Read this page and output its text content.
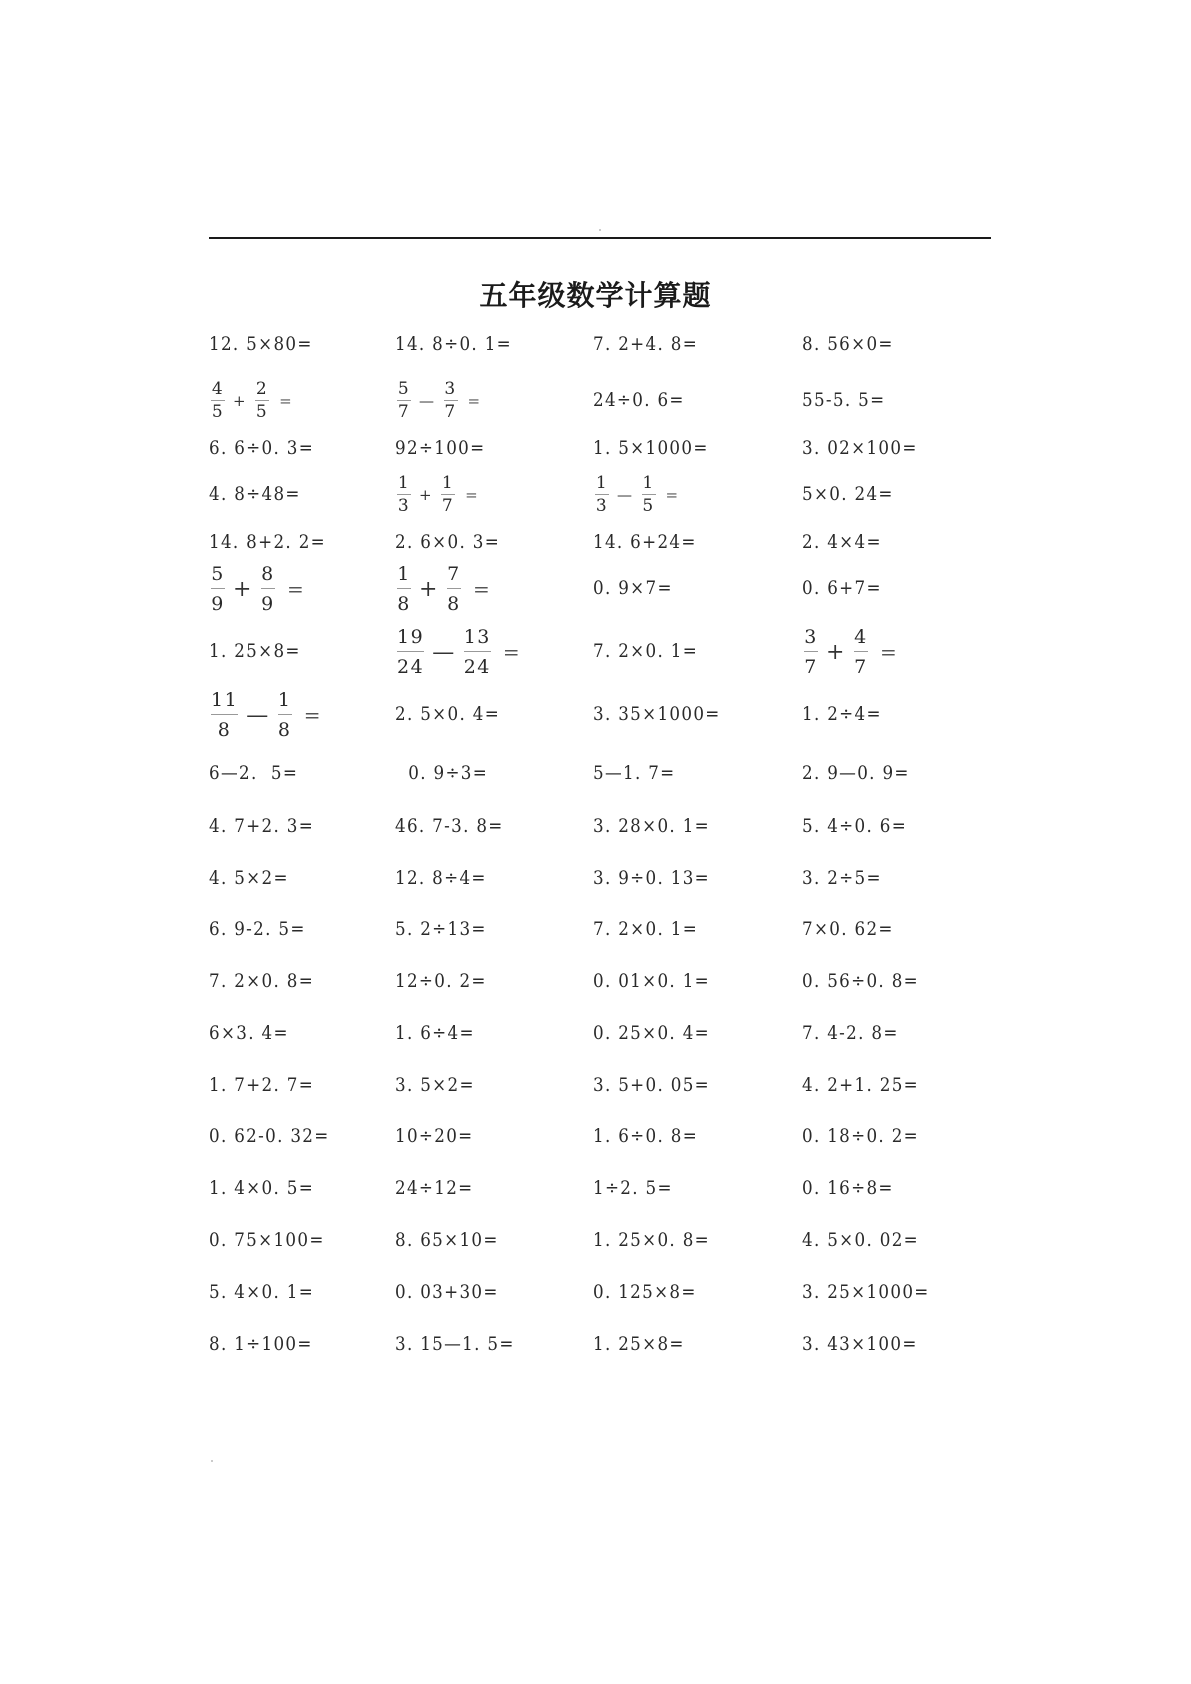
五年级数学计算题
12. 5×80=	14. 8÷0. 1=	7. 2+4. 8=	8. 56×0=
$\frac{4}{5} + \frac{2}{5}$ =	$\frac{5}{7}$ — $\frac{3}{7}$ =	24÷0. 6=	55-5. 5=
6. 6÷0. 3=	92÷100=	1. 5×1000=	3. 02×100=
4. 8÷48=	$\frac{1}{3} + \frac{1}{7}$ =	$\frac{1}{3}$ — $\frac{1}{5}$ =	5×0. 24=
14. 8+2. 2=	2. 6×0. 3=	14. 6+24=	2. 4×4=
$\frac{5}{9} + \frac{8}{9}$ =	$\frac{1}{8} + \frac{7}{8}$ =	0. 9×7=	0. 6+7=
1. 25×8=	$\frac{19}{24}$ — $\frac{13}{24}$ =	7. 2×0. 1=	$\frac{3}{7} + \frac{4}{7}$ =
$\frac{11}{8}$ — $\frac{1}{8}$ =	2. 5×0. 4=	3. 35×1000=	1. 2÷4=
6—2.  5=	0. 9÷3=	5—1. 7=	2. 9—0. 9=
4. 7+2. 3=	46. 7-3. 8=	3. 28×0. 1=	5. 4÷0. 6=
4. 5×2=	12. 8÷4=	3. 9÷0. 13=	3. 2÷5=
6. 9-2. 5=	5. 2÷13=	7. 2×0. 1=	7×0. 62=
7. 2×0. 8=	12÷0. 2=	0. 01×0. 1=	0. 56÷0. 8=
6×3. 4=	1. 6÷4=	0. 25×0. 4=	7. 4-2. 8=
1. 7+2. 7=	3. 5×2=	3. 5+0. 05=	4. 2+1. 25=
0. 62-0. 32=	10÷20=	1. 6÷0. 8=	0. 18÷0. 2=
1. 4×0. 5=	24÷12=	1÷2. 5=	0. 16÷8=
0. 75×100=	8. 65×10=	1. 25×0. 8=	4. 5×0. 02=
5. 4×0. 1=	0. 03+30=	0. 125×8=	3. 25×1000=
8. 1÷100=	3. 15—1. 5=	1. 25×8=	3. 43×100=
